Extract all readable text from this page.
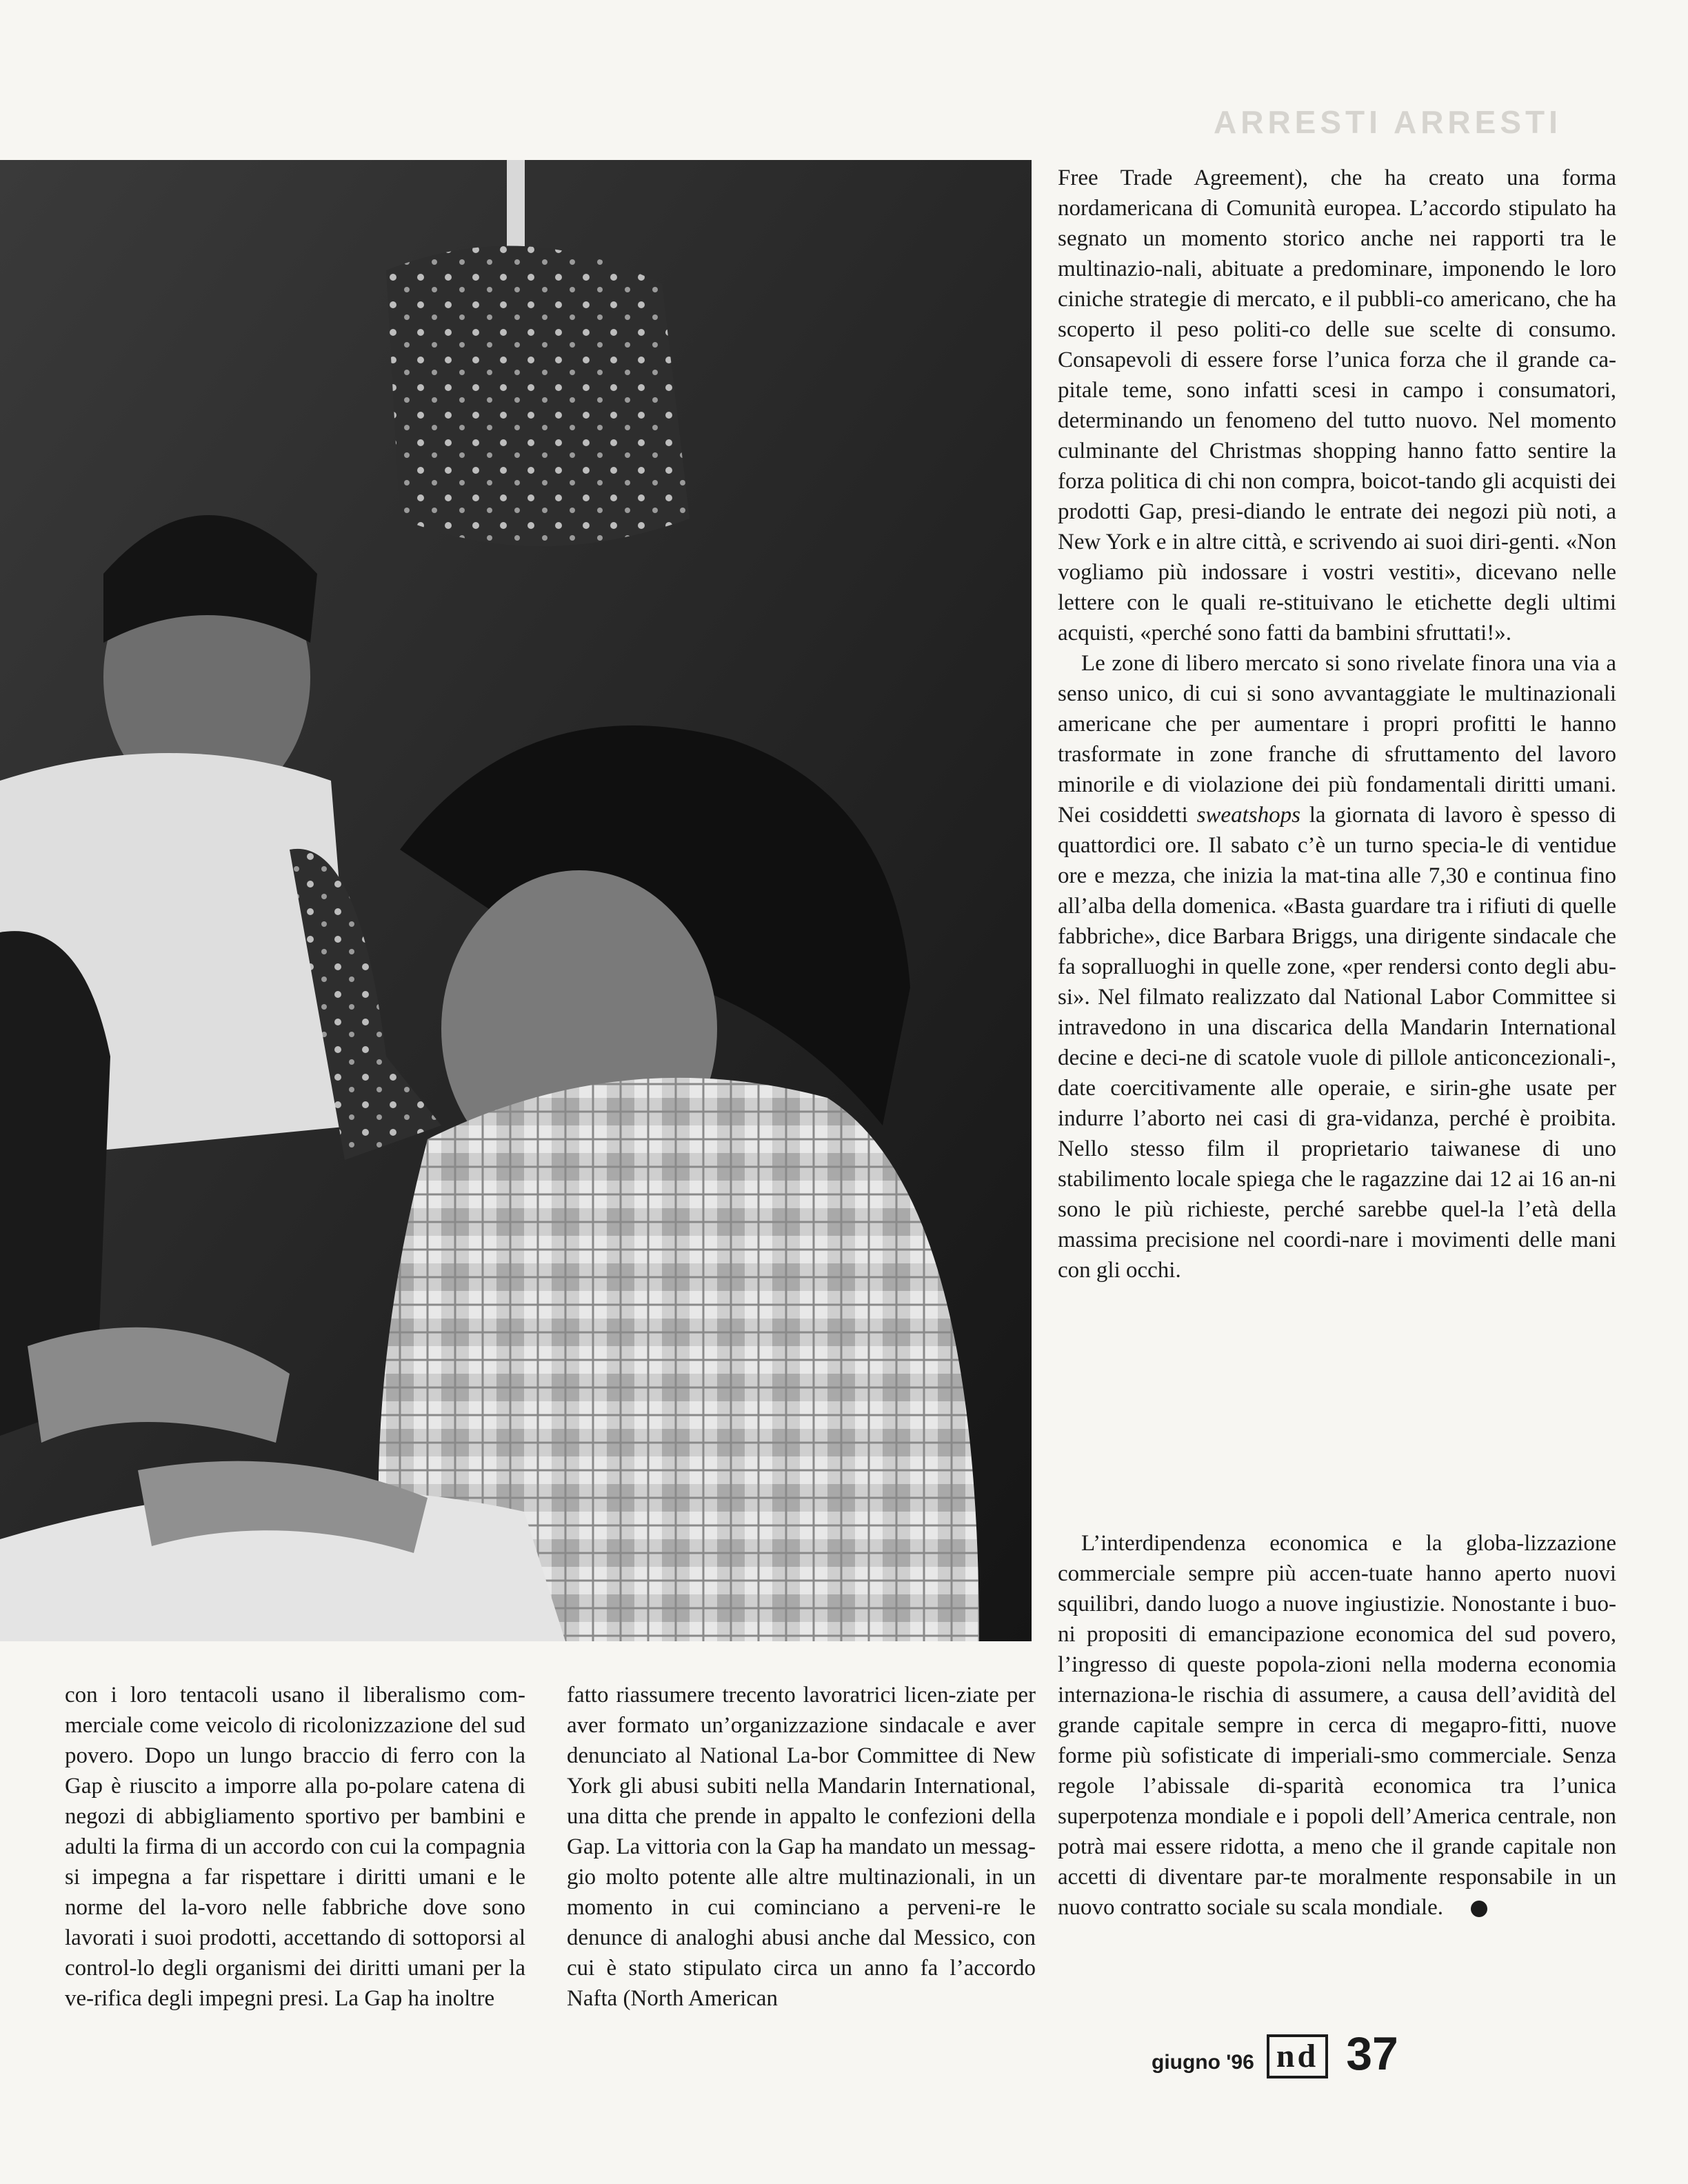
ARRESTI ARRESTI

Free Trade Agreement), che ha creato una forma nordamericana di Comunità europea. L’accordo stipulato ha segnato un momento storico anche nei rapporti tra le multinazio-nali, abituate a predominare, imponendo le loro ciniche strategie di mercato, e il pubbli-co americano, che ha scoperto il peso politi-co delle sue scelte di consumo. Consapevoli di essere forse l’unica forza che il grande ca-pitale teme, sono infatti scesi in campo i consumatori, determinando un fenomeno del tutto nuovo. Nel momento culminante del Christmas shopping hanno fatto sentire la forza politica di chi non compra, boicot-tando gli acquisti dei prodotti Gap, presi-diando le entrate dei negozi più noti, a New York e in altre città, e scrivendo ai suoi diri-genti. «Non vogliamo più indossare i vostri vestiti», dicevano nelle lettere con le quali re-stituivano le etichette degli ultimi acquisti, «perché sono fatti da bambini sfruttati!».

Le zone di libero mercato si sono rivelate finora una via a senso unico, di cui si sono avvantaggiate le multinazionali americane che per aumentare i propri profitti le hanno trasformate in zone franche di sfruttamento del lavoro minorile e di violazione dei più fondamentali diritti umani. Nei cosiddetti sweatshops la giornata di lavoro è spesso di quattordici ore. Il sabato c’è un turno specia-le di ventidue ore e mezza, che inizia la mat-tina alle 7,30 e continua fino all’alba della domenica. «Basta guardare tra i rifiuti di quelle fabbriche», dice Barbara Briggs, una dirigente sindacale che fa sopralluoghi in quelle zone, «per rendersi conto degli abu-si». Nel filmato realizzato dal National Labor Committee si intravedono in una discarica della Mandarin International decine e deci-ne di scatole vuole di pillole anticoncezionali-, date coercitivamente alle operaie, e sirin-ghe usate per indurre l’aborto nei casi di gra-vidanza, perché è proibita. Nello stesso film il proprietario taiwanese di uno stabilimento locale spiega che le ragazzine dai 12 ai 16 an-ni sono le più richieste, perché sarebbe quel-la l’età della massima precisione nel coordi-nare i movimenti delle mani con gli occhi.

L’interdipendenza economica e la globa-lizzazione commerciale sempre più accen-tuate hanno aperto nuovi squilibri, dando luogo a nuove ingiustizie. Nonostante i buo-ni propositi di emancipazione economica del sud povero, l’ingresso di queste popola-zioni nella moderna economia internaziona-le rischia di assumere, a causa dell’avidità del grande capitale sempre in cerca di megapro-fitti, nuove forme più sofisticate di imperiali-smo commerciale. Senza regole l’abissale di-sparità economica tra l’unica superpotenza mondiale e i popoli dell’America centrale, non potrà mai essere ridotta, a meno che il grande capitale non accetti di diventare par-te moralmente responsabile in un nuovo contratto sociale su scala mondiale.

con i loro tentacoli usano il liberalismo com-merciale come veicolo di ricolonizzazione del sud povero. Dopo un lungo braccio di ferro con la Gap è riuscito a imporre alla po-polare catena di negozi di abbigliamento sportivo per bambini e adulti la firma di un accordo con cui la compagnia si impegna a far rispettare i diritti umani e le norme del la-voro nelle fabbriche dove sono lavorati i suoi prodotti, accettando di sottoporsi al control-lo degli organismi dei diritti umani per la ve-rifica degli impegni presi. La Gap ha inoltre

fatto riassumere trecento lavoratrici licen-ziate per aver formato un’organizzazione sindacale e aver denunciato al National La-bor Committee di New York gli abusi subiti nella Mandarin International, una ditta che prende in appalto le confezioni della Gap. La vittoria con la Gap ha mandato un messag-gio molto potente alle altre multinazionali, in un momento in cui cominciano a perveni-re le denunce di analoghi abusi anche dal Messico, con cui è stato stipulato circa un anno fa l’accordo Nafta (North American

giugno '96 nd 37
